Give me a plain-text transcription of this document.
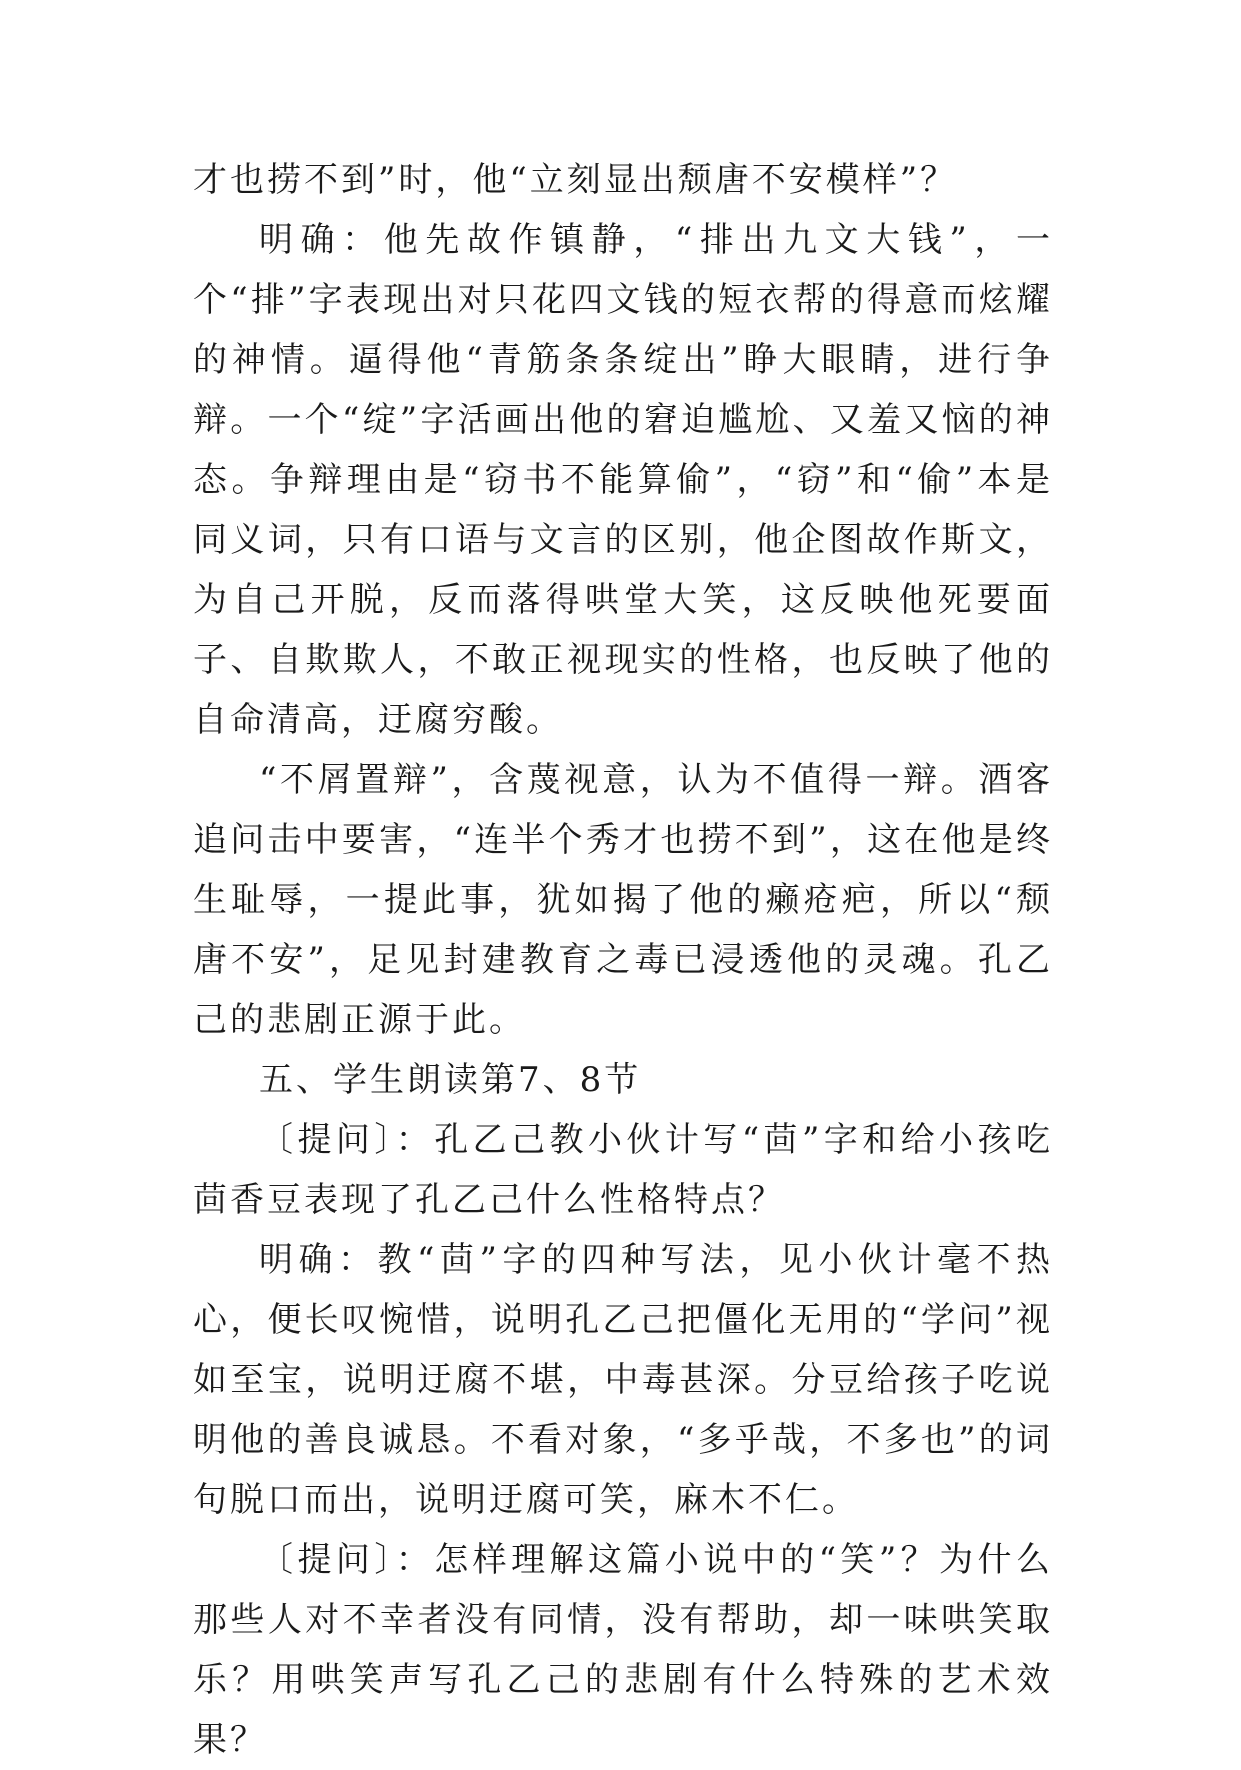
才也捞不到”时，他“立刻显出颓唐不安模样”？

明确：他先故作镇静，“排出九文大钱”，一个“排”字表现出对只花四文钱的短衣帮的得意而炫耀的神情。逼得他“青筋条条绽出”睁大眼睛，进行争辩。一个“绽”字活画出他的窘迫尴尬、又羞又恼的神态。争辩理由是“窃书不能算偷”，“窃”和“偷”本是同义词，只有口语与文言的区别，他企图故作斯文，为自己开脱，反而落得哄堂大笑，这反映他死要面子、自欺欺人，不敢正视现实的性格，也反映了他的自命清高，迂腐穷酸。

“不屑置辩”，含蔑视意，认为不值得一辩。酒客追问击中要害，“连半个秀才也捞不到”，这在他是终生耻辱，一提此事，犹如揭了他的癞疮疤，所以“颓唐不安”，足见封建教育之毒已浸透他的灵魂。孔乙己的悲剧正源于此。

五、学生朗读第7、8节

〔提问〕：孔乙己教小伙计写“茴”字和给小孩吃茴香豆表现了孔乙己什么性格特点？

明确：教“茴”字的四种写法，见小伙计毫不热心，便长叹惋惜，说明孔乙己把僵化无用的“学问”视如至宝，说明迂腐不堪，中毒甚深。分豆给孩子吃说明他的善良诚恳。不看对象，“多乎哉，不多也”的词句脱口而出，说明迂腐可笑，麻木不仁。

〔提问〕：怎样理解这篇小说中的“笑”？为什么那些人对不幸者没有同情，没有帮助，却一味哄笑取乐？用哄笑声写孔乙己的悲剧有什么特殊的艺术效果？
